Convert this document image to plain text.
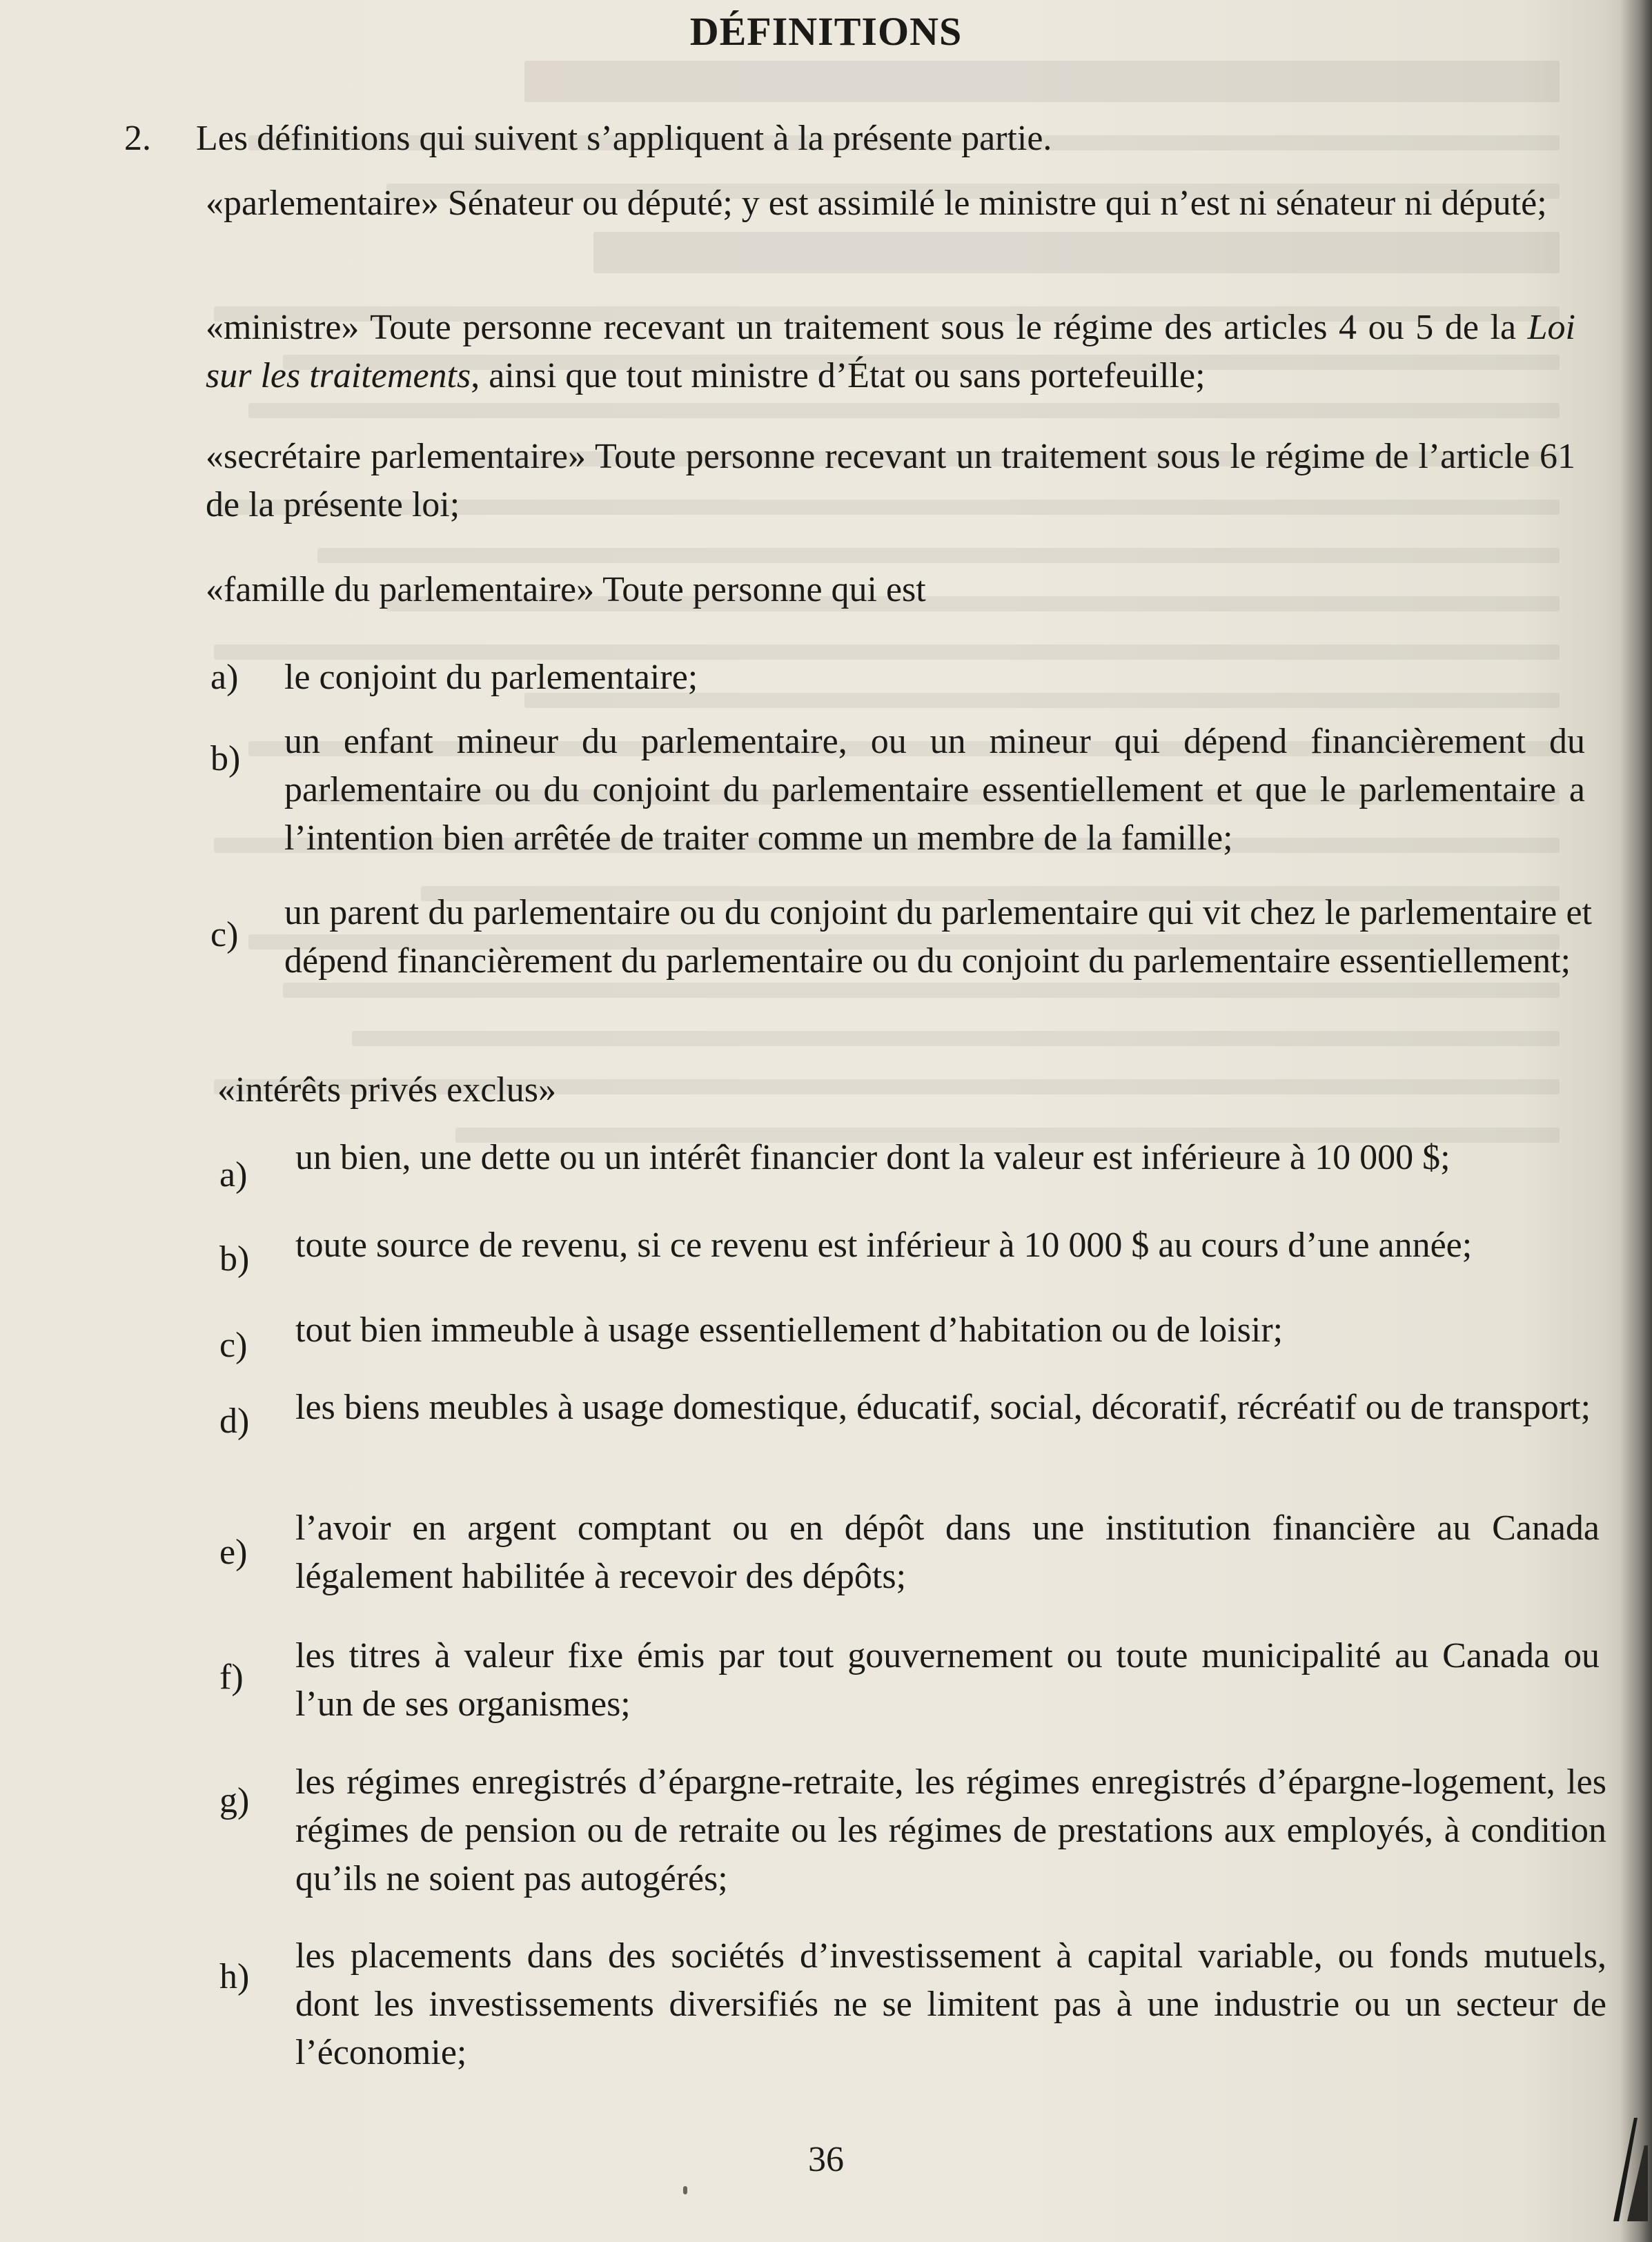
DÉFINITIONS
2. Les définitions qui suivent s’appliquent à la présente partie.
«parlementaire» Sénateur ou député; y est assimilé le ministre qui n’est ni sénateur ni député;
«ministre» Toute personne recevant un traitement sous le régime des articles 4 ou 5 de la Loi sur les traitements, ainsi que tout ministre d’État ou sans portefeuille;
«secrétaire parlementaire» Toute personne recevant un traitement sous le régime de l’article 61 de la présente loi;
«famille du parlementaire» Toute personne qui est
a) le conjoint du parlementaire;
b) un enfant mineur du parlementaire, ou un mineur qui dépend financièrement du parlementaire ou du conjoint du parlementaire essentiellement et que le parlementaire a l’intention bien arrêtée de traiter comme un membre de la famille;
c)
un parent du parlementaire ou du conjoint du parlementaire qui vit chez le parlementaire et dépend financièrement du parlementaire ou du conjoint du parlementaire essentiellement;
«intérêts privés exclus»
a) un bien, une dette ou un intérêt financier dont la valeur est inférieure à 10 000 $;
b) toute source de revenu, si ce revenu est inférieur à 10 000 $ au cours d’une année;
c) tout bien immeuble à usage essentiellement d’habitation ou de loisir;
d) les biens meubles à usage domestique, éducatif, social, décoratif, récréatif ou de transport;
e)
l’avoir en argent comptant ou en dépôt dans une institution financière au Canada légalement habilitée à recevoir des dépôts;
f)
les titres à valeur fixe émis par tout gouvernement ou toute municipalité au Canada ou l’un de ses organismes;
g) les régimes enregistrés d’épargne-retraite, les régimes enregistrés d’épargne-logement, les régimes de pension ou de retraite ou les régimes de prestations aux employés, à condition qu’ils ne soient pas autogérés;
h)
les placements dans des sociétés d’investissement à capital variable, ou fonds mutuels, dont les investissements diversifiés ne se limitent pas à une industrie ou un secteur de l’économie;
36
